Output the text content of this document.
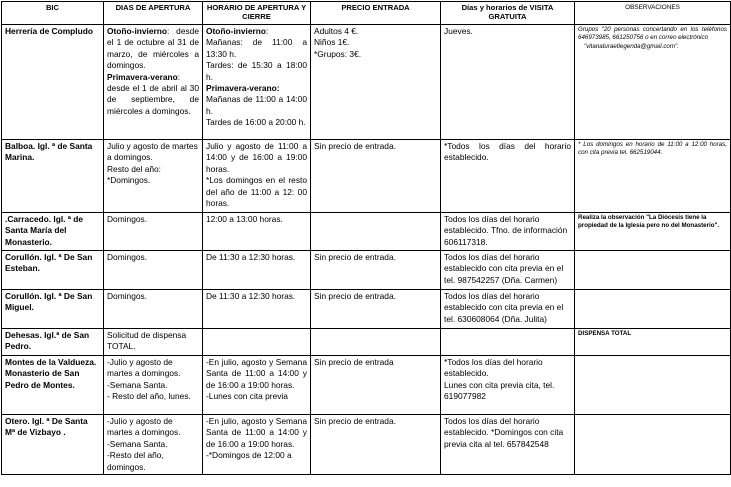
BIC	DIAS DE APERTURA	HORARIO DE APERTURA Y CIERRE	PRECIO ENTRADA	Días y horarios de VISITA GRATUITA	OBSERVACIONES
Herrería de Compludo	Otoño-invierno: desde el 1 de octubre al 31 de marzo, de miércoles a domingos.
Primavera-verano: desde el 1 de abril al 30 de septiembre, de miércoles a domingos.	Otoño-invierno: Mañanas: de 11:00 a 13:30 h.
Tardes: de 15:30 a 18:00 h.
Primavera-verano:
Mañanas de 11:00 a 14:00 h.
Tardes de 16:00 a 20:00 h.	Adultos 4 €.
Niños 1€.
*Grupos: 3€.	Jueves.	Grupos "20 personas concertando en los teléfonos 646973985, 661250756 o en correo electrónico
"vitanaturaetlegenda@gmail.com".

Balboa. Igl. ª de Santa Marina.	Julio y agosto de martes a domingos.
Resto del año:
*Domingos.	Julio y agosto de 11:00 a 14:00 y de 16:00 a 19:00 horas.
*Los domingos en el resto del año de 11:00 a 12: 00 horas.	Sin precio de entrada.	*Todos los días del horario establecido.	* Los domingos en horario de 11:00 a 12:00 horas, con cita previa tel. 662519044.

.Carracedo. Igl. ª de Santa María del Monasterio.	Domingos.	12:00 a 13:00 horas.		Todos los días del horario establecido. Tfno. de información 606117318.	Realiza la observación "La Diócesis tiene la propiedad de la Iglesia pero no del Monasterio".

Corullón. Igl. ª De San Esteban.	Domingos.	De 11:30 a 12:30 horas.	Sin precio de entrada.	Todos los días del horario establecido con cita previa en el tel. 987542257 (Dña. Carmen)	
Corullón. Igl. ª De San Miguel.	Domingos.	De 11:30 a 12:30 horas.	Sin precio de entrada.	Todos los días del horario establecido con cita previa en el tel. 630608064 (Dña. Julita)	
Dehesas. Igl.ª de San Pedro.	Solicitud de dispensa TOTAL.				DISPENSA TOTAL

Montes de la Valdueza. Monasterio de San Pedro de Montes.	-Julio y agosto de martes a domingos.
-Semana Santa.
- Resto del año, lunes.	-En julio, agosto y Semana Santa de 11:00 a 14:00 y de 16:00 a 19:00 horas.
-Lunes con cita previa	Sin precio de entrada	*Todos los días del horario establecido.
Lunes con cita previa cita, tel. 619077982	

Otero. Igl. ª De Santa Mª de Vizbayo .	-Julio y agosto de martes a domingos.
-Semana Santa.
-Resto del año, domingos.	-En julio, agosto y Semana Santa de 11:00 a 14:00 y de 16:00 a 19:00 horas.
-*Domingos de 12:00 a	Sin precio de entrada.	Todos los días del horario establecido. *Domingos con cita previa cita al tel. 657842548	
